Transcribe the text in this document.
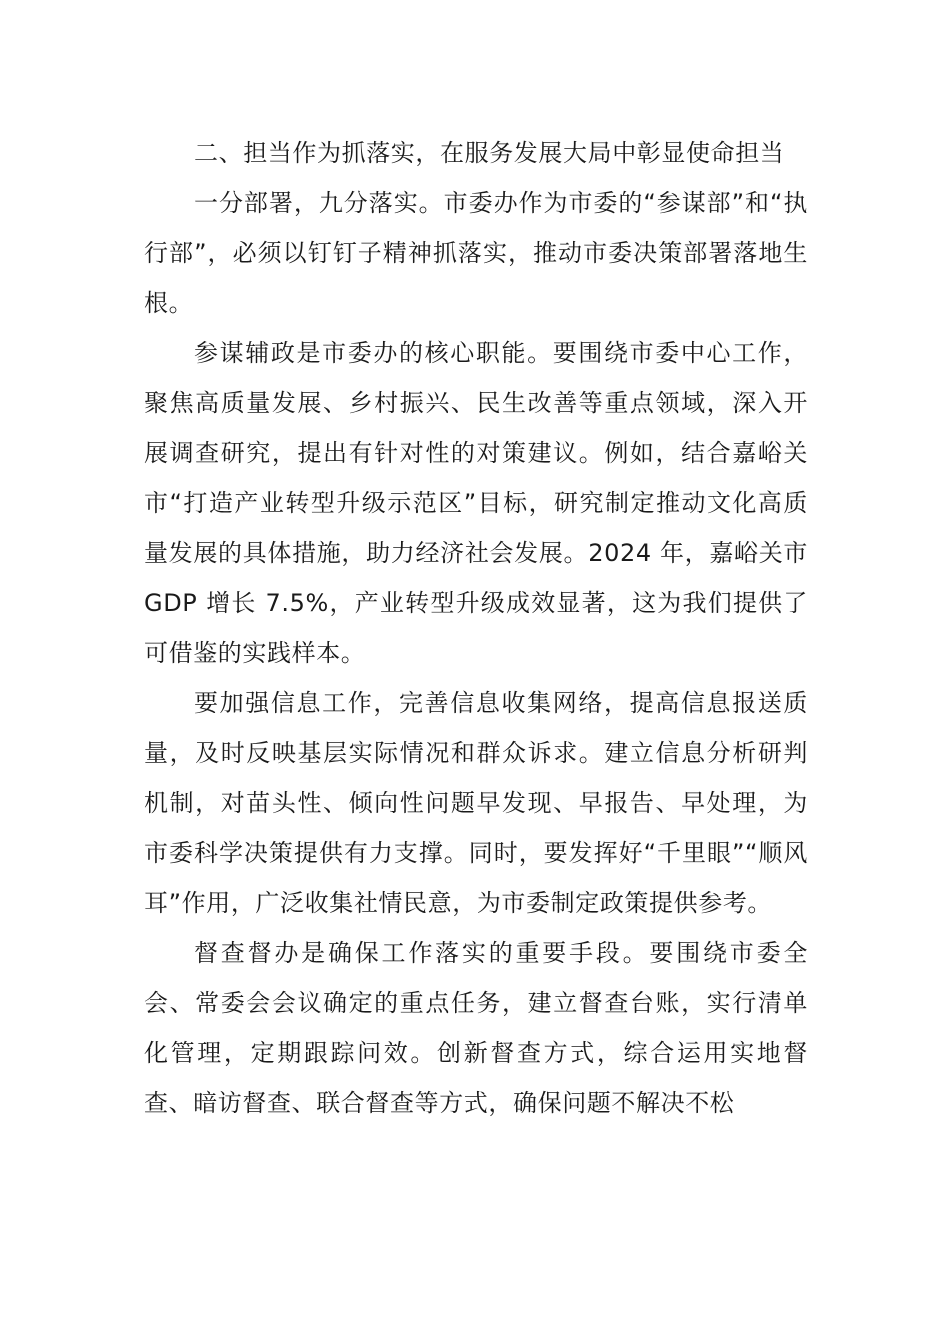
二、担当作为抓落实，在服务发展大局中彰显使命担当

一分部署，九分落实。市委办作为市委的“参谋部”和“执行部”，必须以钉钉子精神抓落实，推动市委决策部署落地生根。

参谋辅政是市委办的核心职能。要围绕市委中心工作，聚焦高质量发展、乡村振兴、民生改善等重点领域，深入开展调查研究，提出有针对性的对策建议。例如，结合嘉峪关市“打造产业转型升级示范区”目标，研究制定推动文化高质量发展的具体措施，助力经济社会发展。2024 年，嘉峪关市 GDP 增长 7.5%，产业转型升级成效显著，这为我们提供了可借鉴的实践样本。

要加强信息工作，完善信息收集网络，提高信息报送质量，及时反映基层实际情况和群众诉求。建立信息分析研判机制，对苗头性、倾向性问题早发现、早报告、早处理，为市委科学决策提供有力支撑。同时，要发挥好“千里眼”“顺风耳”作用，广泛收集社情民意，为市委制定政策提供参考。

督查督办是确保工作落实的重要手段。要围绕市委全会、常委会会议确定的重点任务，建立督查台账，实行清单化管理，定期跟踪问效。创新督查方式，综合运用实地督查、暗访督查、联合督查等方式，确保问题不解决不松
